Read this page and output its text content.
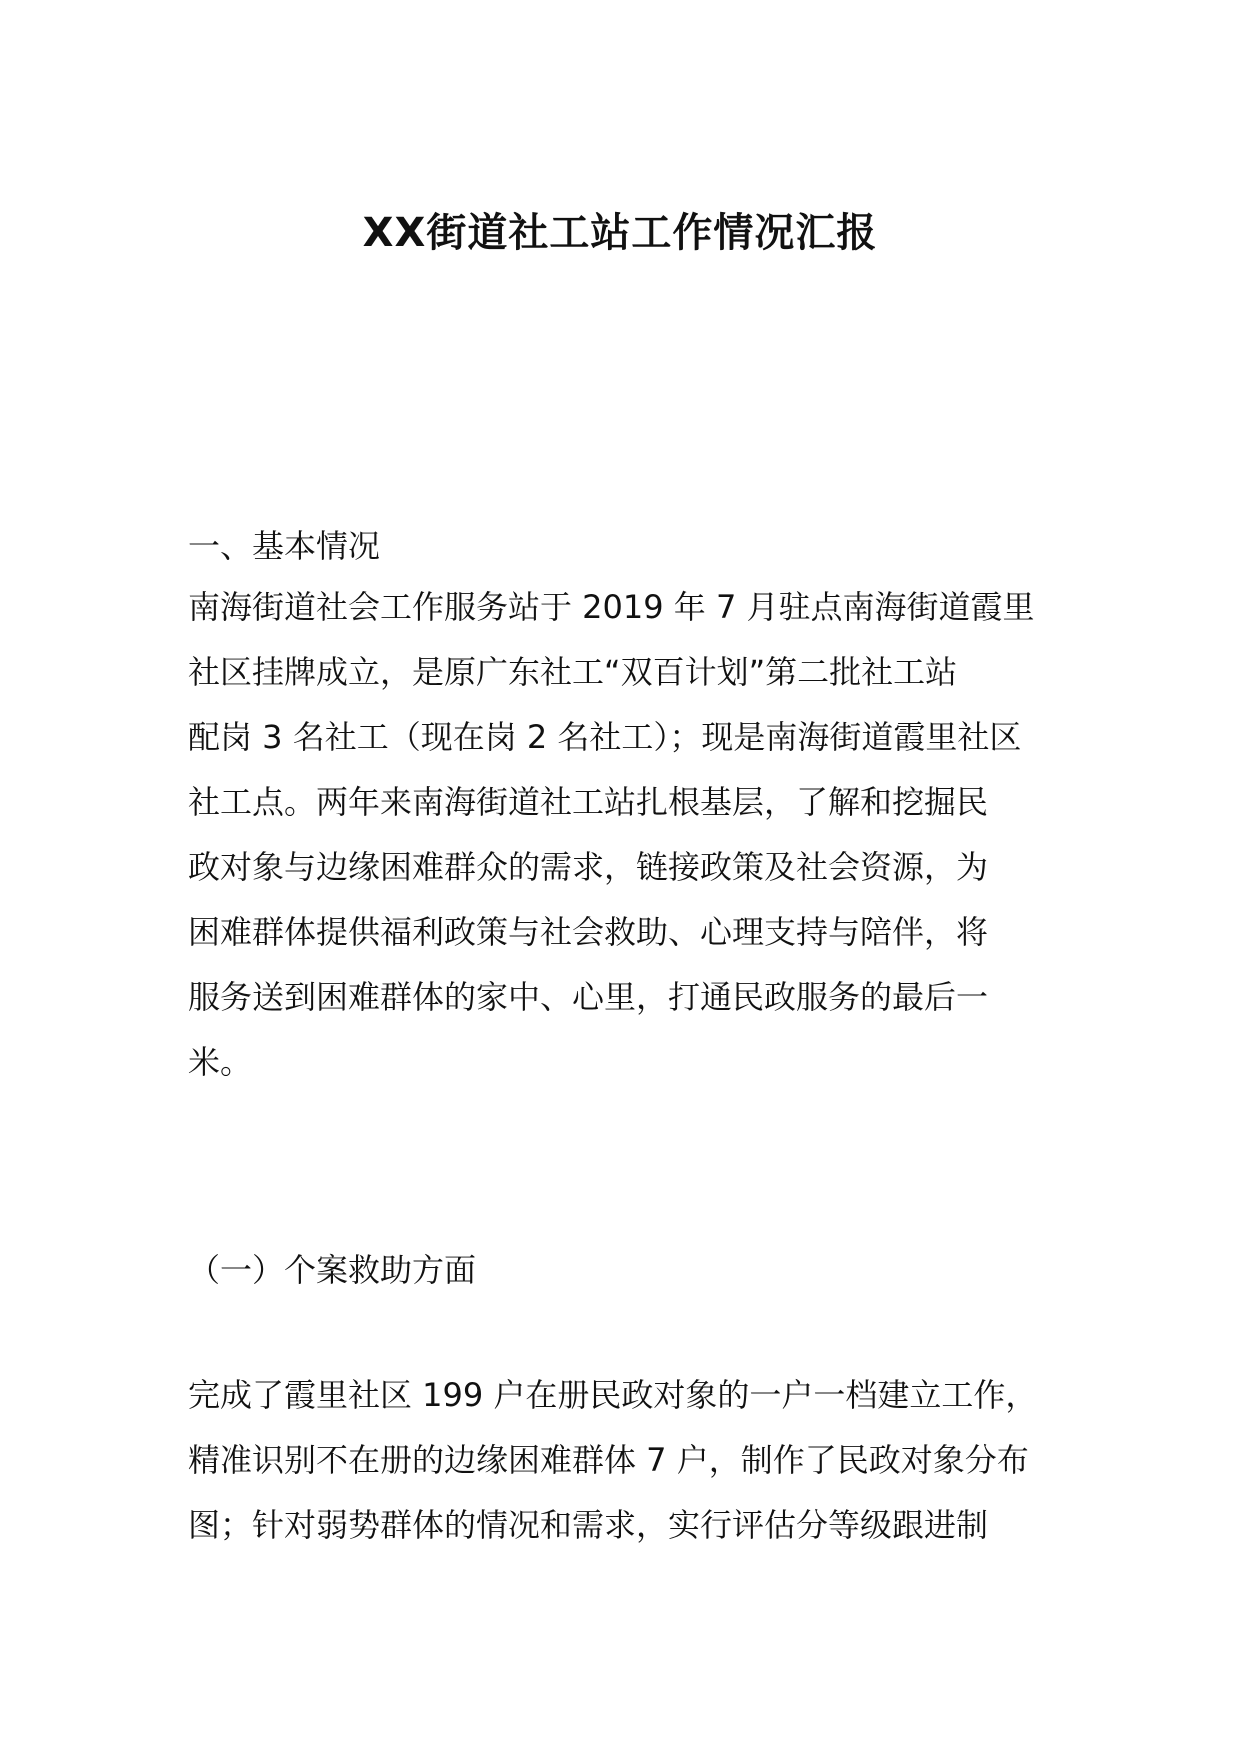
XX街道社工站工作情况汇报
一、基本情况
南海街道社会工作服务站于 2019 年 7 月驻点南海街道霞里
社区挂牌成立，是原广东社工“双百计划”第二批社工站
配岗 3 名社工（现在岗 2 名社工）；现是南海街道霞里社区
社工点。两年来南海街道社工站扎根基层，了解和挖掘民
政对象与边缘困难群众的需求，链接政策及社会资源，为
困难群体提供福利政策与社会救助、心理支持与陪伴，将
服务送到困难群体的家中、心里，打通民政服务的最后一
米。
（一）个案救助方面
完成了霞里社区 199 户在册民政对象的一户一档建立工作，
精准识别不在册的边缘困难群体 7 户，制作了民政对象分布
图；针对弱势群体的情况和需求，实行评估分等级跟进制
